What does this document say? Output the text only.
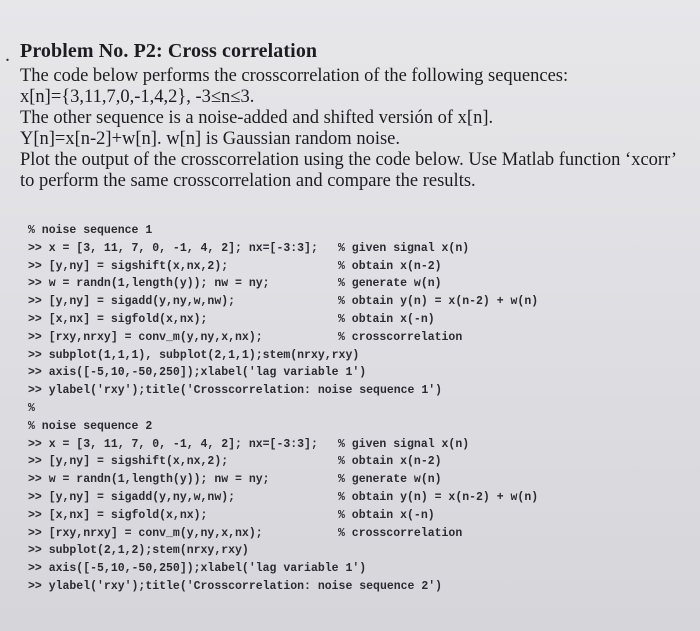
. Problem No. P2: Cross correlation
The code below performs the crosscorrelation of the following sequences:
x[n]={3,11,7,0,-1,4,2}, -3≤n≤3.
The other sequence is a noise-added and shifted versión of x[n].
Y[n]=x[n-2]+w[n]. w[n] is Gaussian random noise.
Plot the output of the crosscorrelation using the code below. Use Matlab function ‘xcorr’
to perform the same crosscorrelation and compare the results.
% noise sequence 1
>> x = [3, 11, 7, 0, -1, 4, 2]; nx=[-3:3]; % given signal x(n)
>> [y,ny] = sigshift(x,nx,2);	% obtain x(n-2)
>> w = randn(1,length(y)); nw = ny;	% generate w(n)
>> [y,ny] = sigadd(y,ny,w,nw);	% obtain y(n) = x(n-2) + w(n)
>> [x,nx] = sigfold(x,nx);	% obtain x(-n)
>> [rxy,nrxy] = conv_m(y,ny,x,nx);	% crosscorrelation
>> subplot(1,1,1), subplot(2,1,1);stem(nrxy,rxy)
>> axis([-5,10,-50,250]);xlabel('lag variable 1')
>> ylabel('rxy');title('Crosscorrelation: noise sequence 1')
%
% noise sequence 2
>> x = [3, 11, 7, 0, -1, 4, 2]; nx=[-3:3]; % given signal x(n)
>> [y,ny] = sigshift(x,nx,2);	% obtain x(n-2)
>> w = randn(1,length(y)); nw = ny;	% generate w(n)
>> [y,ny] = sigadd(y,ny,w,nw);	% obtain y(n) = x(n-2) + w(n)
>> [x,nx] = sigfold(x,nx);	% obtain x(-n)
>> [rxy,nrxy] = conv_m(y,ny,x,nx);	% crosscorrelation
>> subplot(2,1,2);stem(nrxy,rxy)
>> axis([-5,10,-50,250]);xlabel('lag variable 1')
>> ylabel('rxy');title('Crosscorrelation: noise sequence 2')
